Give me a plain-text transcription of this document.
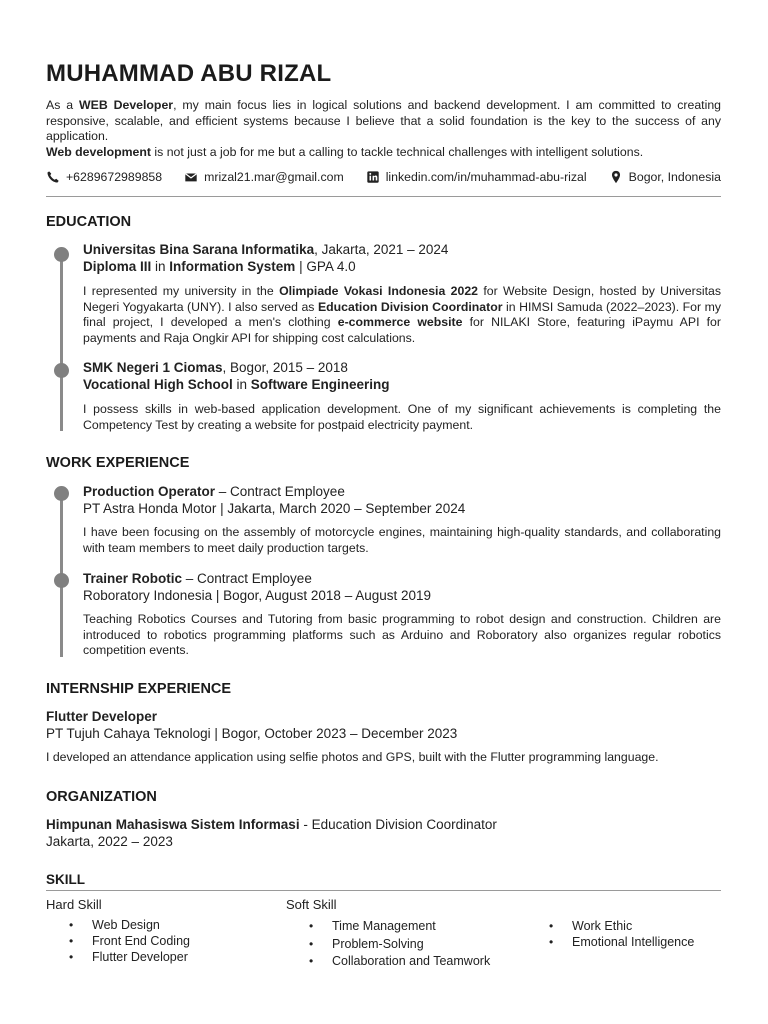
MUHAMMAD ABU RIZAL

As a WEB Developer, my main focus lies in logical solutions and backend development. I am committed to creating responsive, scalable, and efficient systems because I believe that a solid foundation is the key to the success of any application.

Web development is not just a job for me but a calling to tackle technical challenges with intelligent solutions.

+6289672989858	mrizal21.mar@gmail.com	linkedin.com/in/muhammad-abu-rizal	Bogor, Indonesia
EDUCATION

Universitas Bina Sarana Informatika, Jakarta, 2021 – 2024

Diploma III in Information System | GPA 4.0

I represented my university in the Olimpiade Vokasi Indonesia 2022 for Website Design, hosted by Universitas Negeri Yogyakarta (UNY). I also served as Education Division Coordinator in HIMSI Samuda (2022–2023). For my final project, I developed a men's clothing e-commerce website for NILAKI Store, featuring iPaymu API for payments and Raja Ongkir API for shipping cost calculations.

SMK Negeri 1 Ciomas, Bogor, 2015 – 2018

Vocational High School in Software Engineering

I possess skills in web-based application development. One of my significant achievements is completing the Competency Test by creating a website for postpaid electricity payment.

WORK EXPERIENCE

Production Operator – Contract Employee

PT Astra Honda Motor | Jakarta, March 2020 – September 2024

I have been focusing on the assembly of motorcycle engines, maintaining high-quality standards, and collaborating with team members to meet daily production targets.

Trainer Robotic – Contract Employee

Roboratory Indonesia | Bogor, August 2018 – August 2019

Teaching Robotics Courses and Tutoring from basic programming to robot design and construction. Children are introduced to robotics programming platforms such as Arduino and Roboratory also organizes regular robotics competition events.

INTERNSHIP EXPERIENCE

Flutter Developer

PT Tujuh Cahaya Teknologi | Bogor, October 2023 – December 2023

I developed an attendance application using selfie photos and GPS, built with the Flutter programming language.

ORGANIZATION

Himpunan Mahasiswa Sistem Informasi - Education Division Coordinator

Jakarta, 2022 – 2023

SKILL

Hard Skill

• Web Design
• Front End Coding
• Flutter Developer

Soft Skill

• Time Management
• Problem-Solving
• Collaboration and Teamwork
• Work Ethic
• Emotional Intelligence
